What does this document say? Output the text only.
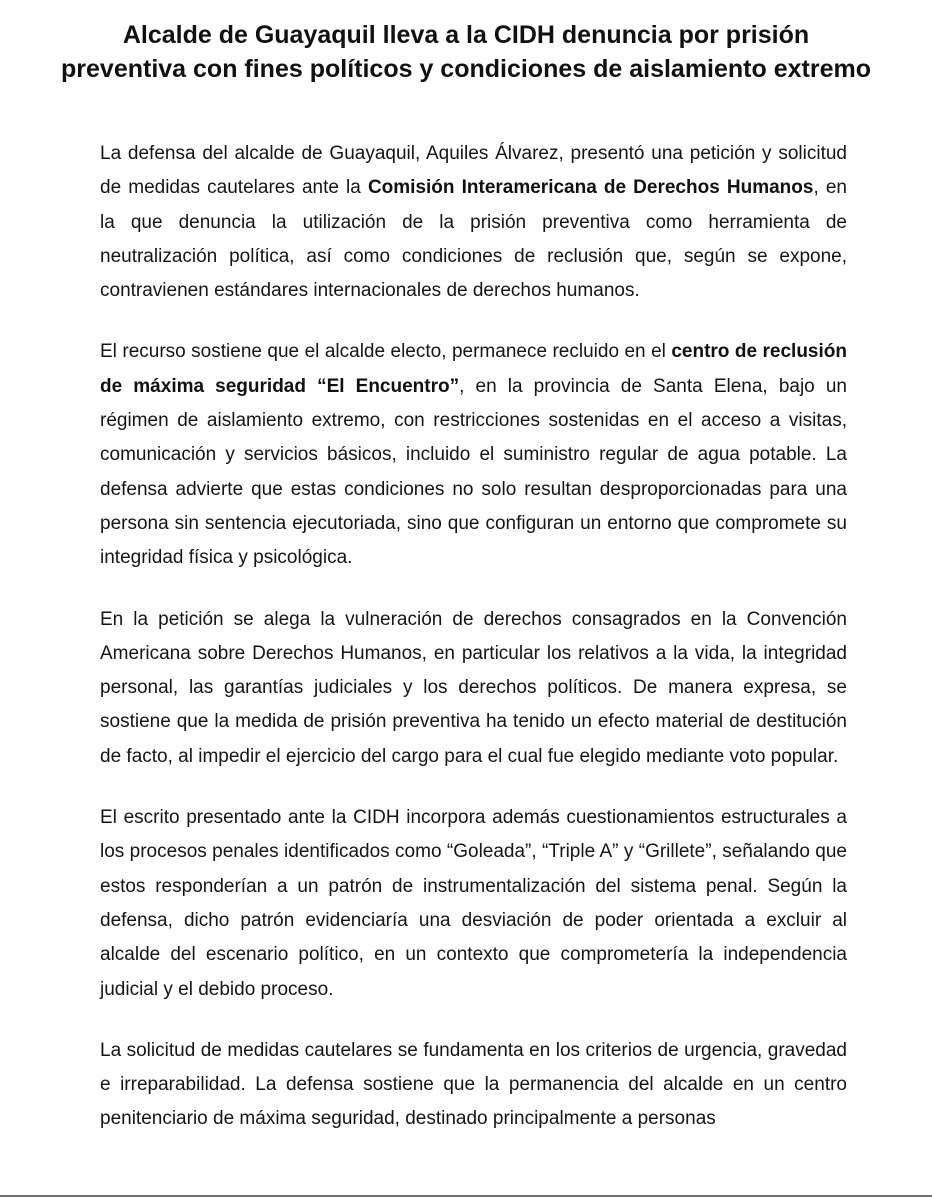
Alcalde de Guayaquil lleva a la CIDH denuncia por prisión preventiva con fines políticos y condiciones de aislamiento extremo

La defensa del alcalde de Guayaquil, Aquiles Álvarez, presentó una petición y solicitud de medidas cautelares ante la Comisión Interamericana de Derechos Humanos, en la que denuncia la utilización de la prisión preventiva como herramienta de neutralización política, así como condiciones de reclusión que, según se expone, contravienen estándares internacionales de derechos humanos.

El recurso sostiene que el alcalde electo, permanece recluido en el centro de reclusión de máxima seguridad “El Encuentro”, en la provincia de Santa Elena, bajo un régimen de aislamiento extremo, con restricciones sostenidas en el acceso a visitas, comunicación y servicios básicos, incluido el suministro regular de agua potable. La defensa advierte que estas condiciones no solo resultan desproporcionadas para una persona sin sentencia ejecutoriada, sino que configuran un entorno que compromete su integridad física y psicológica.

En la petición se alega la vulneración de derechos consagrados en la Convención Americana sobre Derechos Humanos, en particular los relativos a la vida, la integridad personal, las garantías judiciales y los derechos políticos. De manera expresa, se sostiene que la medida de prisión preventiva ha tenido un efecto material de destitución de facto, al impedir el ejercicio del cargo para el cual fue elegido mediante voto popular.

El escrito presentado ante la CIDH incorpora además cuestionamientos estructurales a los procesos penales identificados como “Goleada”, “Triple A” y “Grillete”, señalando que estos responderían a un patrón de instrumentalización del sistema penal. Según la defensa, dicho patrón evidenciaría una desviación de poder orientada a excluir al alcalde del escenario político, en un contexto que comprometería la independencia judicial y el debido proceso.

La solicitud de medidas cautelares se fundamenta en los criterios de urgencia, gravedad e irreparabilidad. La defensa sostiene que la permanencia del alcalde en un centro penitenciario de máxima seguridad, destinado principalmente a personas
